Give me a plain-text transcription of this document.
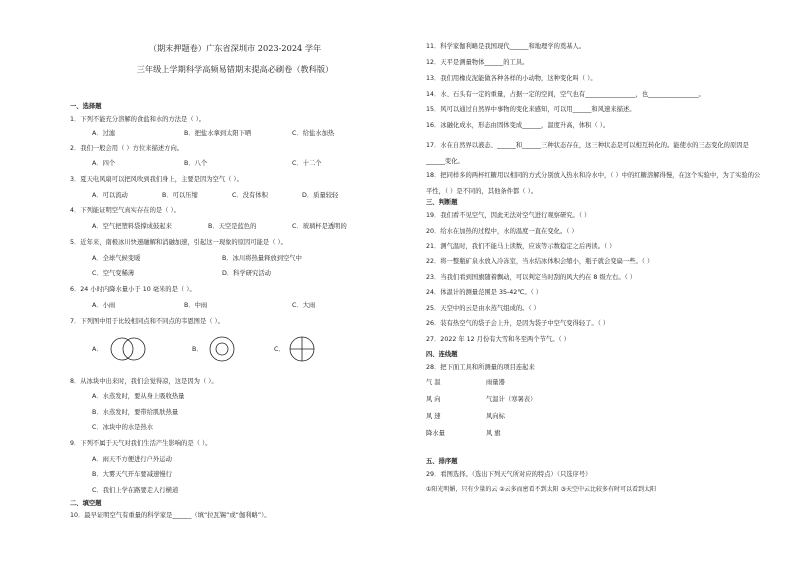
（期末押题卷）广东省深圳市 2023-2024 学年
三年级上学期科学高频易错期末提高必刷卷（教科版）
一、选择题
1．下列不能充分溶解的食盐和水的方法是（ ）。
A．过滤	B．把盐水拿到太阳下晒	C．给盐水加热
2．我们一般会用（ ）方位来描述方向。
A．四个	B．八个	C．十二个
3．夏天电风扇可以把风吹到我们身上，主要是因为空气（ ）。
A．可以流动	B．可以压缩	C．没有体积	D．质量较轻
4．下列能证明空气真实存在的是（ ）。
A．空气把塑料袋撑成鼓起来	B．天空是蓝色的	C．玻璃杯是透明的
5．近年来，南极冰川快速融解和消融加速，引起这一现象的原因可能是（ ）。
A．全球气候变暖	B．冰川将热量释放到空气中
C．空气变稀薄	D．科学研究活动
6．24 小时内降水量小于 10 毫米的是（ ）。
A．小雨	B．中雨	C．大雨
7．下列图中用于比较相同点和不同点的韦恩图是（ ）。
A．	B．	C．
8．从冰块中出来时，我们会觉得凉，这是因为（ ）。
A．水蒸发时，要从身上吸收热量
B．水蒸发时，要带给肌肤热量
C．冰块中的水是热水
9．下列不属于天气对我们生活产生影响的是（ ）。
A．雨天不方便进行户外运动
B．大雾天气开车要减速慢行
C．我们上学在路要走人行横道
二、填空题
10．最早证明空气有重量的科学家是______（填“拉瓦锡”或“伽利略”）。
11．科学家伽利略是我国现代______和地理学的奠基人。
12．天平是测量物体______的工具。
13．我们用橡皮泥能做各种各样的小动物，这种变化叫（ ）。
14．水、石头有一定的重量，占据一定的空间，空气也有________________，也________________。
15．风可以通过自然界中事物的变化来感知，可以用______和风速来描述。
16．冰融化成水，形态由固体变成______，温度升高，体积（ ）。
17．水在自然界以液态、______和______三种状态存在，这三种状态是可以相互转化的。能使水的三态变化的原因是______变化。
18．把同样多的两杯红糖用以相同的方式分别放入热水和冷水中，（ ）中的红糖溶解得慢，在这个实验中，为了实验的公平性，（ ）是不同的，其他条件都（ ）。
三、判断题
19．我们看不见空气，因此无法对空气进行观察研究。（ ）
20．给水在加热的过程中，水的温度一直在变化。（ ）
21．测气温时，我们不能马上读数，应该等示数稳定之后再读。（ ）
22．将一整瓶矿泉水放入冷冻室，当水结冰体积会缩小，瓶子就会变扁一些。（ ）
23．当我们看到国旗随着飘动，可以判定当时刮的风大约在 8 级左右。（ ）
24．体温计的测量范围是 35-42℃。（ ）
25．天空中的云是由水蒸气组成的。（ ）
26．装有热空气的袋子会上升，是因为袋子中空气变得轻了。（ ）
27．2022 年 12 月份有大雪和冬至两个节气。（ ）
四、连线题
28．把下面工具和所测量的项目连起来
气 温	雨量器
风 向	气温计（寒暑表）
风 速	风向标
降水量	风 旗
五、排序题
29．看图选择。（选出下列天气所对应的特点）（只选序号）
①阳光明媚，只有少量的云 ②云多而密看不到太阳 ③天空中云比较多有时可以看到太阳
